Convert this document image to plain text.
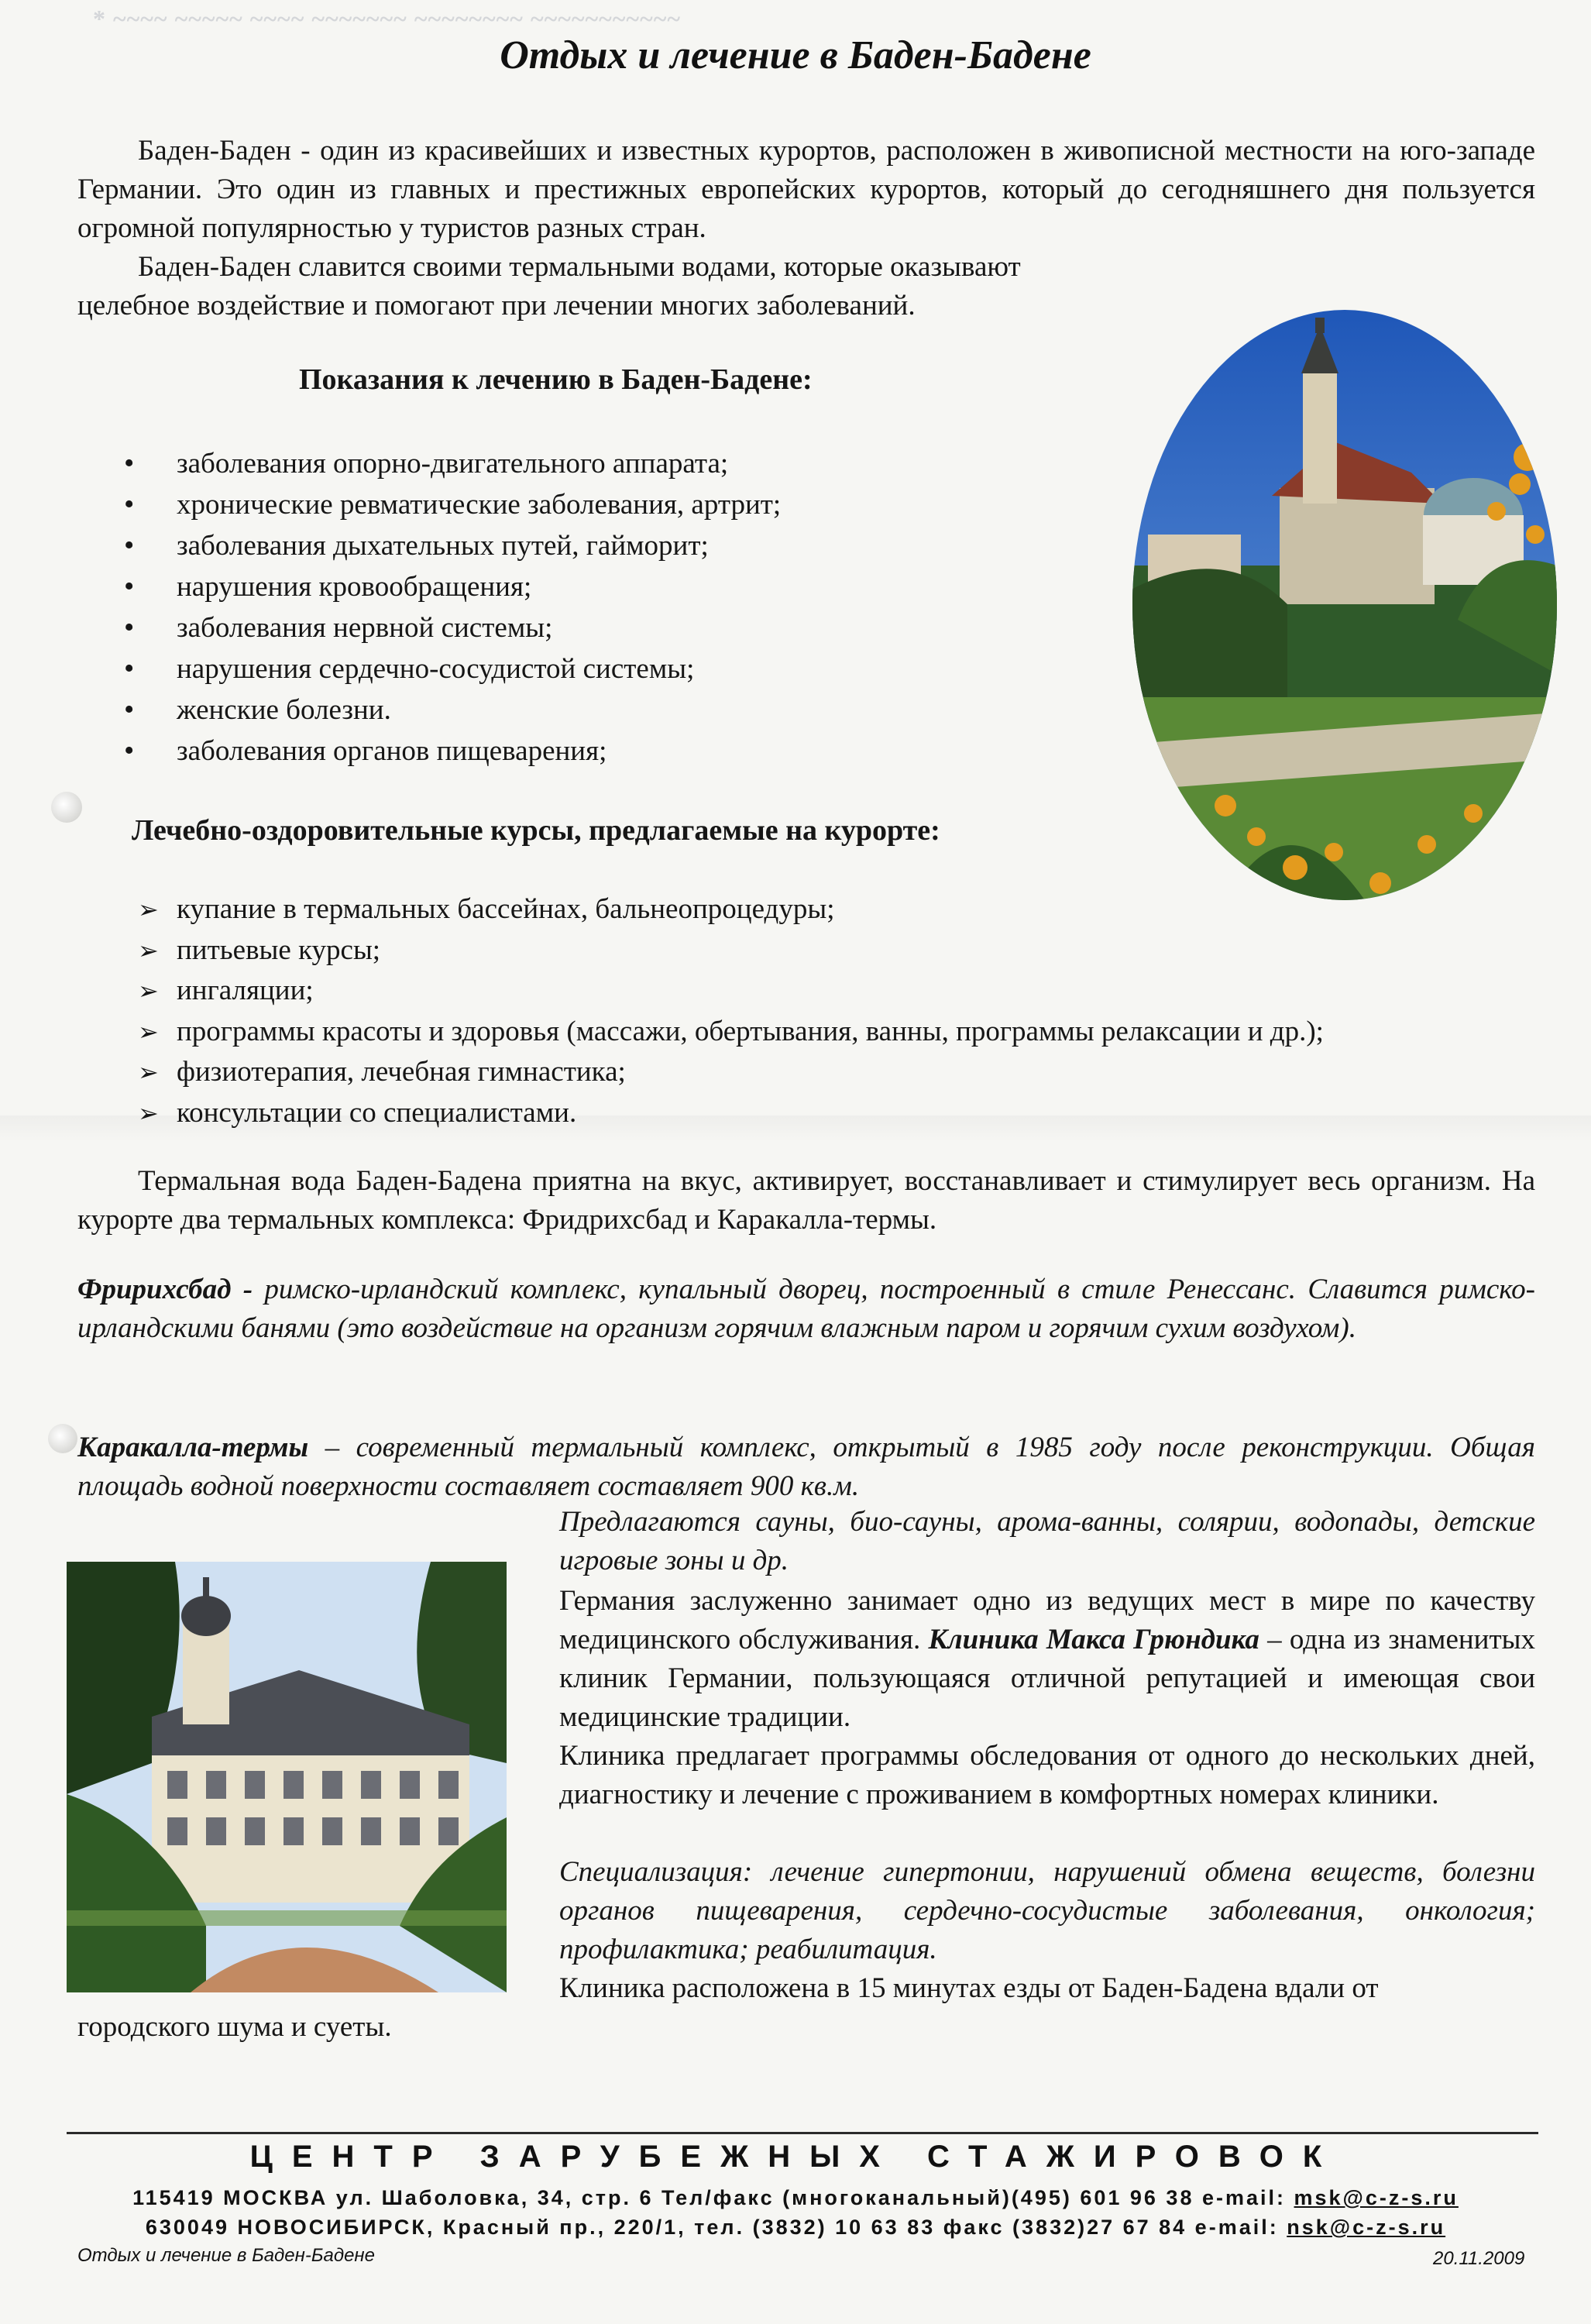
* ~~~~ ~~~~~ ~~~~ ~~~~~~~ ~~~~~~~~ ~~~~~~~~~~~
Отдых и лечение в Баден-Бадене

Баден-Баден - один из красивейших и известных курортов, расположен в живописной местности на юго-западе Германии. Это один из главных и престижных европейских курортов, который до сегодняшнего дня пользуется огромной популярностью у туристов разных стран.

Баден-Баден славится своими термальными водами, которые оказывают

целебное воздействие и помогают при лечении многих заболеваний.

Показания к лечению в Баден-Бадене:
• заболевания опорно-двигательного аппарата;
• хронические ревматические заболевания, артрит;
• заболевания дыхательных путей, гайморит;
• нарушения кровообращения;
• заболевания нервной системы;
• нарушения сердечно-сосудистой системы;
• женские болезни.
• заболевания органов пищеварения;
Лечебно-оздоровительные курсы, предлагаемые на курорте:
➢ купание в термальных бассейнах, бальнеопроцедуры;
➢ питьевые курсы;
➢ ингаляции;
➢ программы красоты и здоровья (массажи, обертывания, ванны, программы релаксации и др.);
➢ физиотерапия, лечебная гимнастика;
➢ консультации со специалистами.

Термальная вода Баден-Бадена приятна на вкус, активирует, восстанавливает и стимулирует весь организм. На курорте два термальных комплекса: Фридрихсбад и Каракалла-термы.

Фририхсбад - римско-ирландский комплекс, купальный дворец, построенный в стиле Ренессанс. Славится римско-ирландскими банями (это воздействие на организм горячим влажным паром и горячим сухим воздухом).

Каракалла-термы – современный термальный комплекс, открытый в 1985 году после реконструкции. Общая площадь водной поверхности составляет составляет 900 кв.м.

Предлагаются сауны, био-сауны, арома-ванны, солярии, водопады, детские игровые зоны и др.

Германия заслуженно занимает одно из ведущих мест в мире по качеству медицинского обслуживания. Клиника Макса Грюндика – одна из знаменитых клиник Германии, пользующаяся отличной репутацией и имеющая свои медицинские традиции.

Клиника предлагает программы обследования от одного до нескольких дней, диагностику и лечение с проживанием в комфортных номерах клиники.

Специализация: лечение гипертонии, нарушений обмена веществ, болезни органов пищеварения, сердечно-сосудистые заболевания, онкология; профилактика; реабилитация.

Клиника расположена в 15 минутах езды от Баден-Бадена вдали от

городского шума и суеты.

ЦЕНТР ЗАРУБЕЖНЫХ СТАЖИРОВОК
115419 МОСКВА ул. Шаболовка, 34, стр. 6 Тел/факс (многоканальный)(495) 601 96 38 e-mail: msk@c-z-s.ru
630049 НОВОСИБИРСК, Красный пр., 220/1, тел. (3832) 10 63 83 факс (3832)27 67 84 e-mail: nsk@c-z-s.ru
Отдых и лечение в Баден-Бадене	20.11.2009
